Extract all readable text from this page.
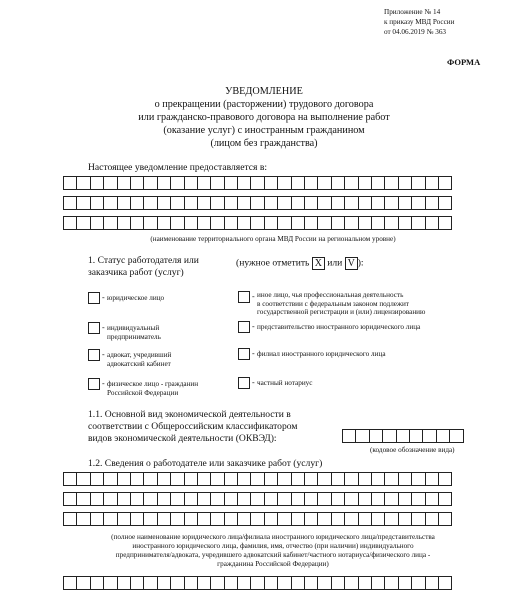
Приложение № 14
к приказу МВД России
от 04.06.2019 № 363
ФОРМА
УВЕДОМЛЕНИЕ
о прекращении (расторжении) трудового договора
или гражданско-правового договора на выполнение работ
(оказание услуг) с иностранным гражданином
(лицом без гражданства)
Настоящее уведомление предоставляется в:
(наименование территориального органа МВД России на региональном уровне)
1. Статус работодателя или
заказчика работ (услуг)
(нужное отметить X или V ):
- юридическое лицо
- индивидуальный
предприниматель
- адвокат, учредивший
адвокатский кабинет
- физическое лицо - гражданин
Российской Федерации
- иное лицо, чья профессиональная деятельность
в соответствии с федеральным законом подлежит
государственной регистрации и (или) лицензированию
- представительство иностранного юридического лица
- филиал иностранного юридического лица
- частный нотариус
1.1. Основной вид экономической деятельности в
соответствии с Общероссийским классификатором
видов экономической деятельности (ОКВЭД):
(кодовое обозначение вида)
1.2. Сведения о работодателе или заказчике работ (услуг)
(полное наименование юридического лица/филиала иностранного юридического лица/представительства
иностранного юридического лица, фамилия, имя, отчество (при наличии) индивидуального
предпринимателя/адвоката, учредившего адвокатский кабинет/частного нотариуса/физического лица -
гражданина Российской Федерации)
